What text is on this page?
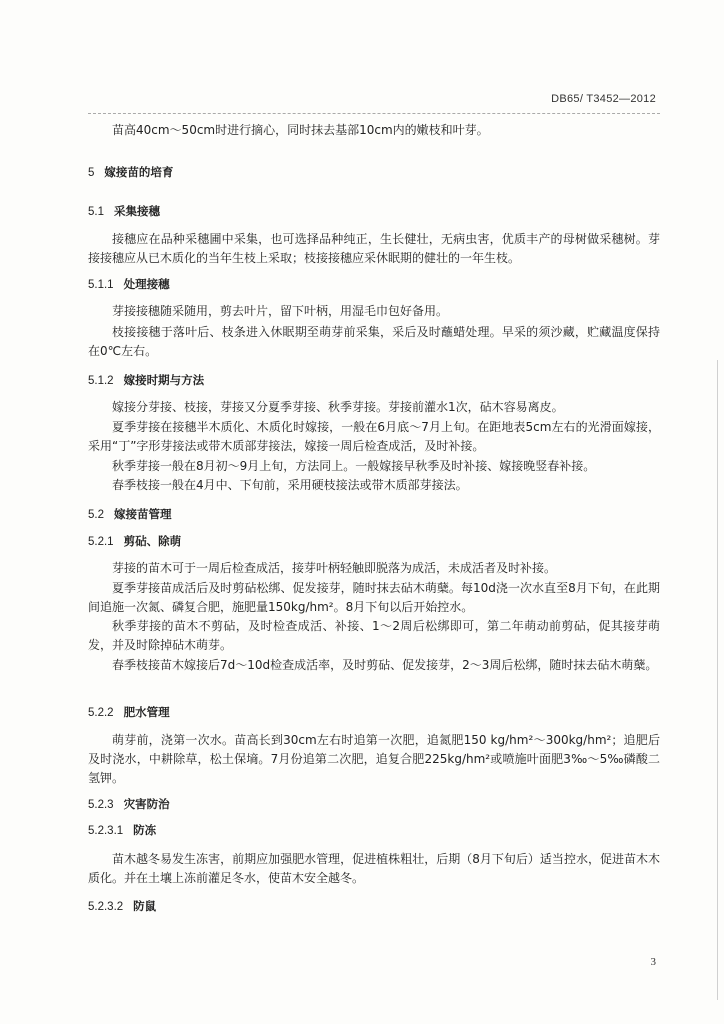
DB65/ T3452—2012

苗高40cm～50cm时进行摘心，同时抹去基部10cm内的嫩枝和叶芽。

5 嫁接苗的培育

5.1 采集接穗

接穗应在品种采穗圃中采集，也可选择品种纯正，生长健壮，无病虫害，优质丰产的母树做采穗树。芽接接穗应从已木质化的当年生枝上采取；枝接接穗应采休眠期的健壮的一年生枝。

5.1.1 处理接穗

芽接接穗随采随用，剪去叶片，留下叶柄，用湿毛巾包好备用。

枝接接穗于落叶后、枝条进入休眠期至萌芽前采集，采后及时蘸蜡处理。早采的须沙藏，贮藏温度保持在0℃左右。

5.1.2 嫁接时期与方法

嫁接分芽接、枝接，芽接又分夏季芽接、秋季芽接。芽接前灌水1次，砧木容易离皮。

夏季芽接在接穗半木质化、木质化时嫁接，一般在6月底～7月上旬。在距地表5cm左右的光滑面嫁接，采用“丁”字形芽接法或带木质部芽接法，嫁接一周后检查成活，及时补接。

秋季芽接一般在8月初～9月上旬，方法同上。一般嫁接早秋季及时补接、嫁接晚竖春补接。

春季枝接一般在4月中、下旬前，采用硬枝接法或带木质部芽接法。

5.2 嫁接苗管理

5.2.1 剪砧、除萌

芽接的苗木可于一周后检查成活，接芽叶柄轻触即脱落为成活，未成活者及时补接。

夏季芽接苗成活后及时剪砧松绑、促发接芽，随时抹去砧木萌蘖。每10d浇一次水直至8月下旬，在此期间追施一次氮、磷复合肥，施肥量150kg/hm²。8月下旬以后开始控水。

秋季芽接的苗木不剪砧，及时检查成活、补接、1～2周后松绑即可，第二年萌动前剪砧，促其接芽萌发，并及时除掉砧木萌芽。

春季枝接苗木嫁接后7d～10d检查成活率，及时剪砧、促发接芽，2～3周后松绑，随时抹去砧木萌蘖。

5.2.2 肥水管理

萌芽前，浇第一次水。苗高长到30cm左右时追第一次肥，追氮肥150 kg/hm²～300kg/hm²；追肥后及时浇水，中耕除草，松土保墒。7月份追第二次肥，追复合肥225kg/hm²或喷施叶面肥3‰～5‰磷酸二氢钾。

5.2.3 灾害防治

5.2.3.1 防冻

苗木越冬易发生冻害，前期应加强肥水管理，促进植株粗壮，后期（8月下旬后）适当控水，促进苗木木质化。并在土壤上冻前灌足冬水，使苗木安全越冬。

5.2.3.2 防鼠

3
